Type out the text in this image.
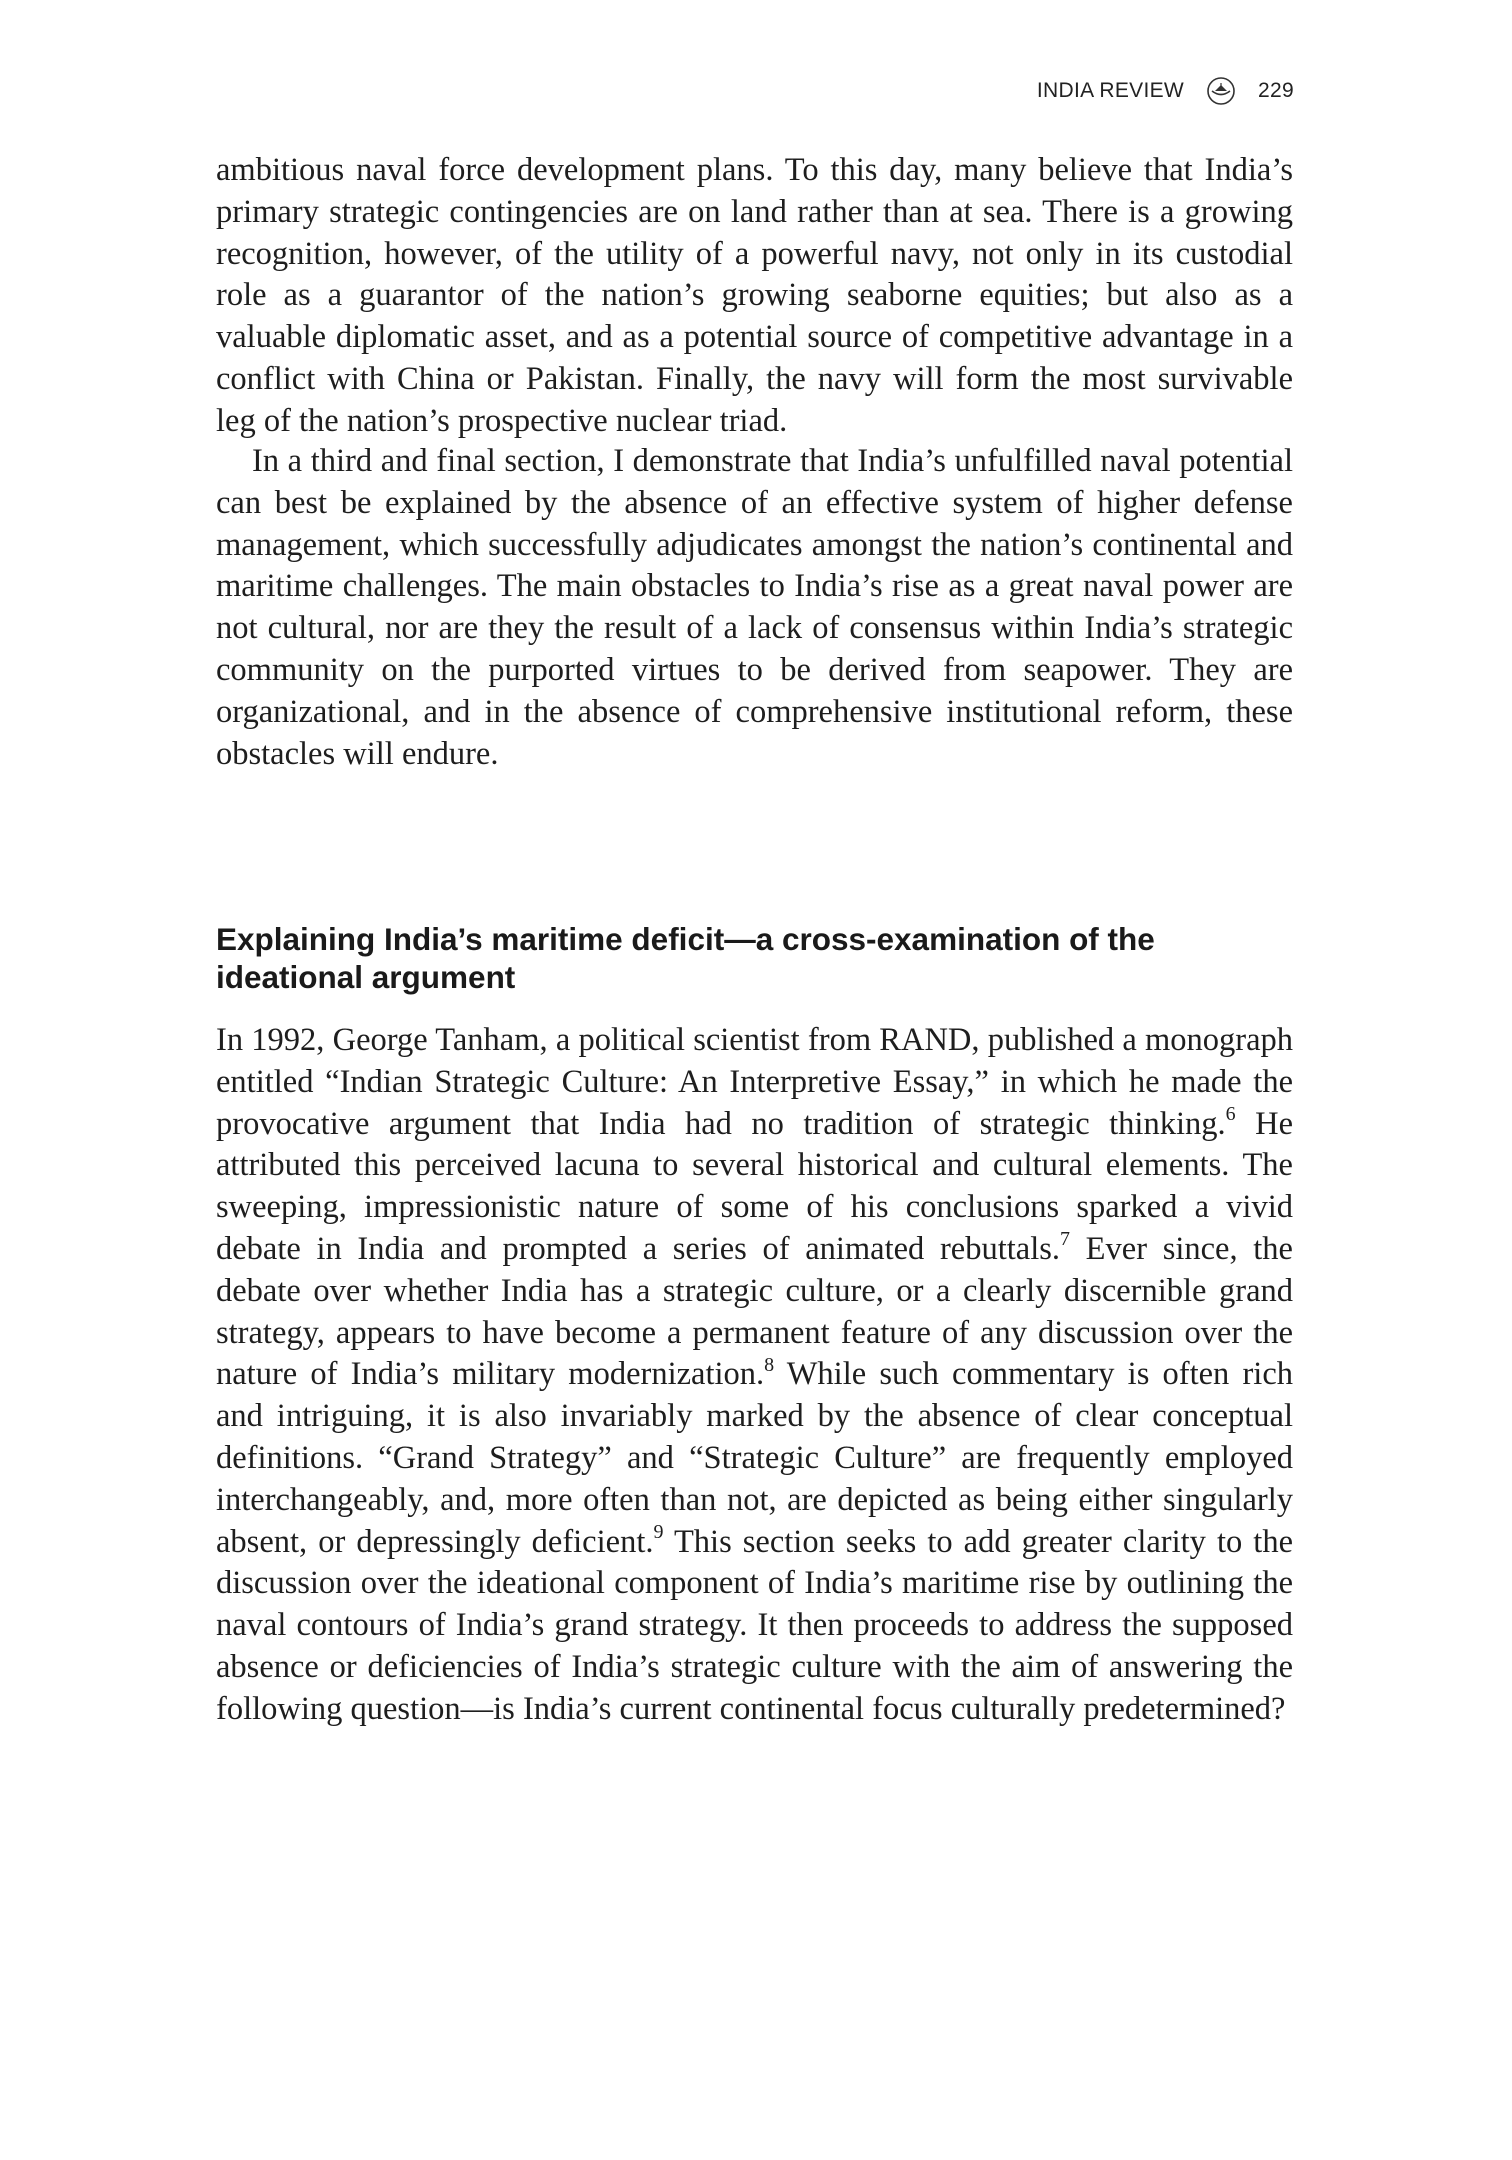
INDIA REVIEW	229

ambitious naval force development plans. To this day, many believe that India’s primary strategic contingencies are on land rather than at sea. There is a growing recognition, however, of the utility of a powerful navy, not only in its custodial role as a guarantor of the nation’s growing seaborne equities; but also as a valuable diplomatic asset, and as a potential source of competitive advantage in a conflict with China or Pakistan. Finally, the navy will form the most survivable leg of the nation’s prospective nuclear triad.

In a third and final section, I demonstrate that India’s unfulfilled naval potential can best be explained by the absence of an effective system of higher defense management, which successfully adjudicates amongst the nation’s continental and maritime challenges. The main obstacles to India’s rise as a great naval power are not cultural, nor are they the result of a lack of consensus within India’s strategic community on the purported virtues to be derived from seapower. They are organizational, and in the absence of comprehensive institutional reform, these obstacles will endure.

Explaining India’s maritime deficit—a cross-examination of the ideational argument

In 1992, George Tanham, a political scientist from RAND, published a monograph entitled “Indian Strategic Culture: An Interpretive Essay,” in which he made the provocative argument that India had no tradition of strategic thinking.$^6$ He attributed this perceived lacuna to several historical and cultural elements. The sweeping, impressionistic nature of some of his conclusions sparked a vivid debate in India and prompted a series of animated rebuttals.$^7$ Ever since, the debate over whether India has a strategic culture, or a clearly discernible grand strategy, appears to have become a permanent feature of any discussion over the nature of India’s military modernization.$^8$ While such commentary is often rich and intriguing, it is also invariably marked by the absence of clear conceptual definitions. “Grand Strategy” and “Strategic Culture” are frequently employed interchangeably, and, more often than not, are depicted as being either singularly absent, or depressingly deficient.$^9$ This section seeks to add greater clarity to the discussion over the ideational component of India’s maritime rise by outlining the naval contours of India’s grand strategy. It then proceeds to address the supposed absence or deficiencies of India’s strategic culture with the aim of answering the following question—is India’s current continental focus culturally predetermined?
